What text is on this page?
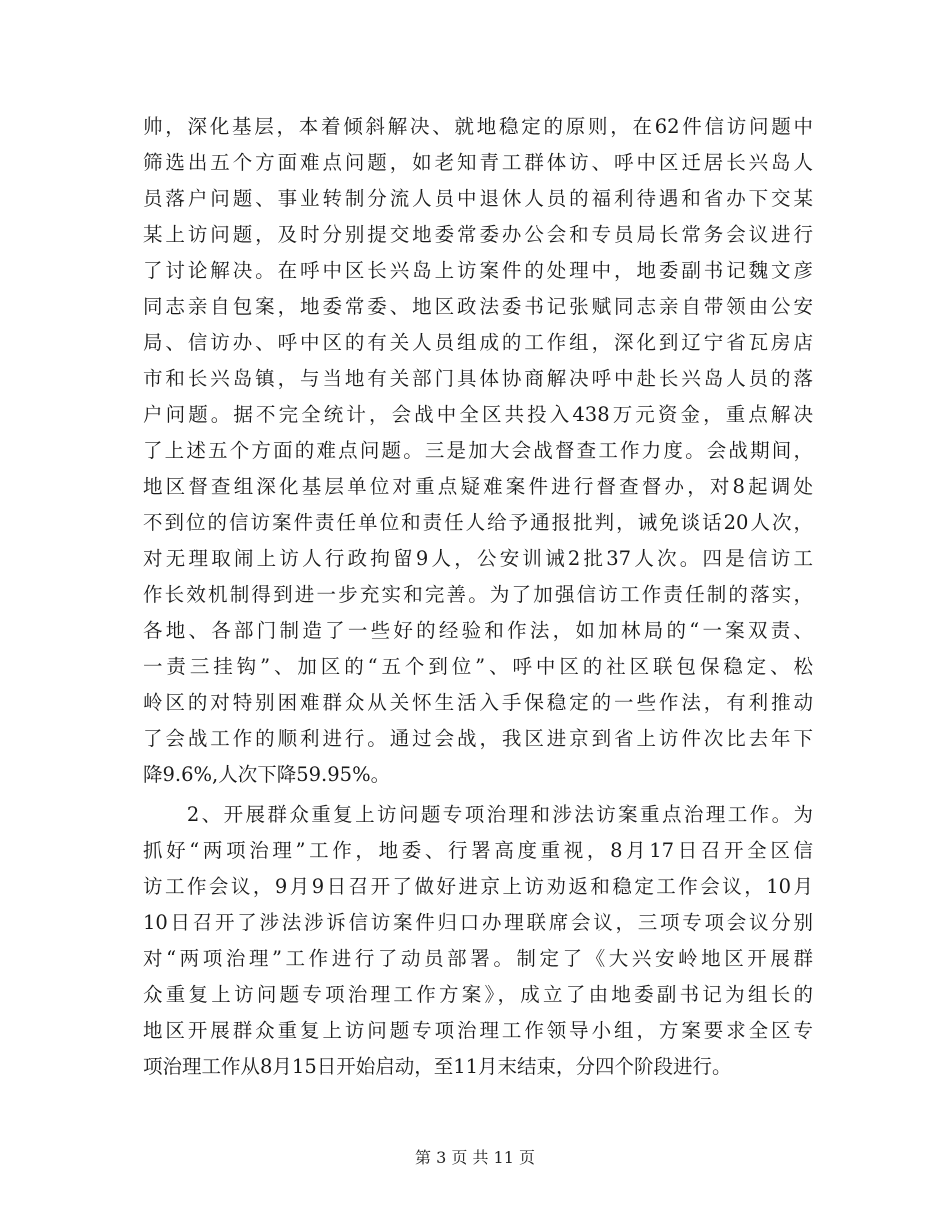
帅，深化基层，本着倾斜解决、就地稳定的原则，在62件信访问题中
筛选出五个方面难点问题，如老知青工群体访、呼中区迁居长兴岛人
员落户问题、事业转制分流人员中退休人员的福利待遇和省办下交某
某上访问题，及时分别提交地委常委办公会和专员局长常务会议进行
了讨论解决。在呼中区长兴岛上访案件的处理中，地委副书记魏文彦
同志亲自包案，地委常委、地区政法委书记张赋同志亲自带领由公安
局、信访办、呼中区的有关人员组成的工作组，深化到辽宁省瓦房店
市和长兴岛镇，与当地有关部门具体协商解决呼中赴长兴岛人员的落
户问题。据不完全统计，会战中全区共投入438万元资金，重点解决
了上述五个方面的难点问题。三是加大会战督查工作力度。会战期间，
地区督查组深化基层单位对重点疑难案件进行督查督办，对8起调处
不到位的信访案件责任单位和责任人给予通报批判，诫免谈话20人次，
对无理取闹上访人行政拘留9人，公安训诫2批37人次。四是信访工
作长效机制得到进一步充实和完善。为了加强信访工作责任制的落实，
各地、各部门制造了一些好的经验和作法，如加林局的“一案双责、
一责三挂钩”、加区的“五个到位”、呼中区的社区联包保稳定、松
岭区的对特别困难群众从关怀生活入手保稳定的一些作法，有利推动
了会战工作的顺利进行。通过会战，我区进京到省上访件次比去年下
降9.6%,人次下降59.95%。
　　2、开展群众重复上访问题专项治理和涉法访案重点治理工作。为
抓好“两项治理”工作，地委、行署高度重视，8月17日召开全区信
访工作会议，9月9日召开了做好进京上访劝返和稳定工作会议，10月
10日召开了涉法涉诉信访案件归口办理联席会议，三项专项会议分别
对“两项治理”工作进行了动员部署。制定了《大兴安岭地区开展群
众重复上访问题专项治理工作方案》，成立了由地委副书记为组长的
地区开展群众重复上访问题专项治理工作领导小组，方案要求全区专
项治理工作从8月15日开始启动，至11月末结束，分四个阶段进行。
第 3 页 共 11 页
